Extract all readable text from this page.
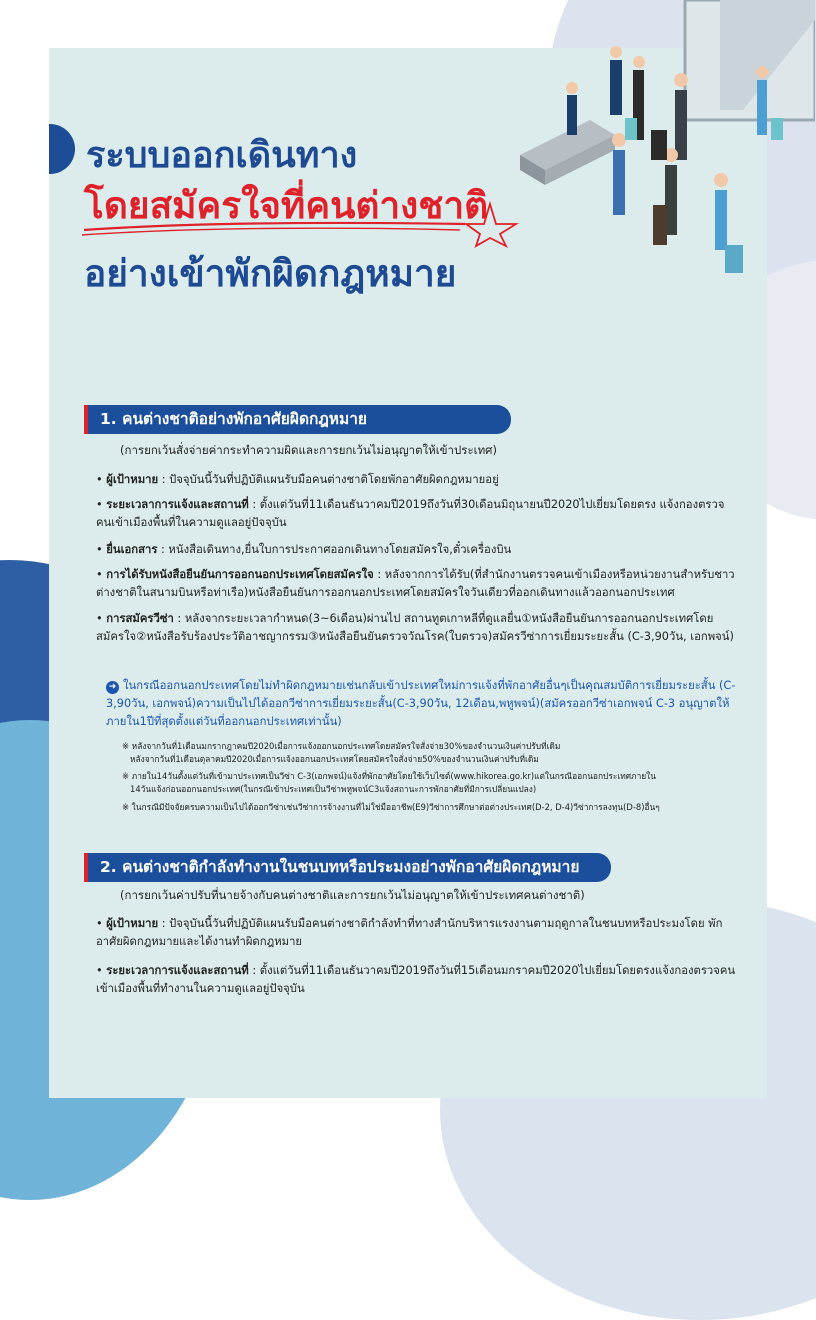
ระบบออกเดินทาง
โดยสมัครใจที่คนต่างชาติ
อย่างเข้าพักผิดกฎหมาย
1. คนต่างชาติอย่างพักอาศัยผิดกฎหมาย
(การยกเว้นสั่งจ่ายค่ากระทำความผิดและการยกเว้นไม่อนุญาตให้เข้าประเทศ)
• ผู้เป้าหมาย : ปัจจุบันนี้วันที่ปฏิบัติแผนรับมือคนต่างชาติโดยพักอาศัยผิดกฎหมายอยู่
• ระยะเวลาการแจ้งและสถานที่ : ตั้งแต่วันที่11เดือนธันวาคมปี2019ถึงวันที่30เดือนมิถุนายนปี2020ไปเยี่ยมโดยตรง แจ้งกองตรวจคนเข้าเมืองพื้นที่ในความดูแลอยู่ปัจจุบัน
• ยื่นเอกสาร : หนังสือเดินทาง,ยื่นใบการประกาศออกเดินทางโดยสมัครใจ,ตั๋วเครื่องบิน
• การได้รับหนังสือยืนยันการออกนอกประเทศโดยสมัครใจ : หลังจากการได้รับ(ที่สำนักงานตรวจคนเข้าเมืองหรือหน่วยงานสำหรับชาวต่างชาติในสนามบินหรือท่าเรือ)หนังสือยืนยันการออกนอกประเทศโดยสมัครใจวันเดียวที่ออกเดินทางแล้วออกนอกประเทศ
• การสมัครวีซ่า : หลังจากระยะเวลากำหนด(3~6เดือน)ผ่านไป สถานทูตเกาหลีที่ดูแลยื่น①หนังสือยืนยันการออกนอกประเทศโดยสมัครใจ②หนังสือรับร้องประวัติอาชญากรรม③หนังสือยืนยันตรวจวัณโรค(ใบตรวจ)สมัครวีซ่าการเยี่ยมระยะสั้น (C-3,90วัน, เอกพจน์)
➜ ในกรณีออกนอกประเทศโดยไม่ทำผิดกฎหมายเช่นกลับเข้าประเทศใหม่การแจ้งที่พักอาศัยอื่นๆเป็นคุณสมบัติการเยี่ยมระยะสั้น (C-3,90วัน, เอกพจน์)ความเป็นไปได้ออกวีซ่าการเยี่ยมระยะสั้น(C-3,90วัน, 12เดือน,พหูพจน์)(สมัครออกวีซ่าเอกพจน์ C-3 อนุญาตให้ภายใน1ปีที่สุดตั้งแต่วันที่ออกนอกประเทศเท่านั้น)
※ หลังจากวันที่1เดือนมกรากฎาคมปี2020เมื่อการแจ้งออกนอกประเทศโดยสมัครใจสั่งจ่าย30%ของจำนวนเงินค่าปรับที่เดิม
หลังจากวันที่1เดือนตุลาคมปี2020เมื่อการแจ้งออกนอกประเทศโดยสมัครใจสั่งจ่าย50%ของจำนวนเงินค่าปรับที่เดิม
※ ภายใน14วันตั้งแต่วันที่เข้ามาประเทศเป็นวีซ่า C-3(เอกพจน์)แจ้งที่พักอาศัยโดยใช้เว็บไซต์(www.hikorea.go.kr)แต่ในกรณีออกนอกประเทศภายใน
14วันแจ้งก่อนออกนอกประเทศ(ในกรณีเข้าประเทศเป็นวีซ่าพหูพจน์C3แจ้งสถานะการพักอาศัยที่มีการเปลี่ยนแปลง)
※ ในกรณีมีปัจจัยครบความเป็นไปได้ออกวีซ่าเช่นวีซ่าการจ้างงานที่ไม่ใช่มืออาชีพ(E9)วีซ่าการศึกษาต่อต่างประเทศ(D-2, D-4)วีซ่าการลงทุน(D-8)อื่นๆ
2. คนต่างชาติกำลังทำงานในชนบทหรือประมงอย่างพักอาศัยผิดกฎหมาย
(การยกเว้นค่าปรับที่นายจ้างกับคนต่างชาติและการยกเว้นไม่อนุญาตให้เข้าประเทศคนต่างชาติ)
• ผู้เป้าหมาย : ปัจจุบันนี้วันที่ปฏิบัติแผนรับมือคนต่างชาติกำลังทำที่ทางสำนักบริหารแรงงานตามฤดูกาลในชนบทหรือประมงโดย พักอาศัยผิดกฎหมายและได้งานทำผิดกฎหมาย
• ระยะเวลาการแจ้งและสถานที่ : ตั้งแต่วันที่11เดือนธันวาคมปี2019ถึงวันที่15เดือนมกราคมปี2020ไปเยี่ยมโดยตรงแจ้งกองตรวจคนเข้าเมืองพื้นที่ทำงานในความดูแลอยู่ปัจจุบัน
